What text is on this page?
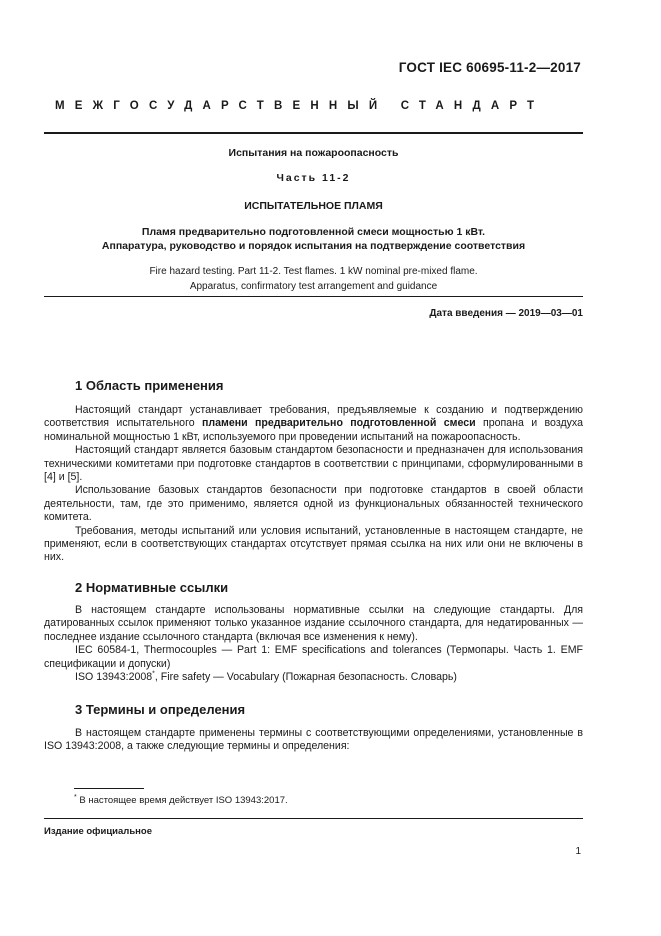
ГОСТ IEC 60695-11-2—2017
МЕЖГОСУДАРСТВЕННЫЙ СТАНДАРТ
Испытания на пожароопасность
Часть 11-2
ИСПЫТАТЕЛЬНОЕ ПЛАМЯ
Пламя предварительно подготовленной смеси мощностью 1 кВт.
Аппаратура, руководство и порядок испытания на подтверждение соответствия
Fire hazard testing. Part 11-2. Test flames. 1 kW nominal pre-mixed flame.
Apparatus, confirmatory test arrangement and guidance
Дата введения — 2019—03—01
1 Область применения

Настоящий стандарт устанавливает требования, предъявляемые к созданию и подтверждению соответствия испытательного пламени предварительно подготовленной смеси пропана и воздуха номинальной мощностью 1 кВт, используемого при проведении испытаний на пожароопасность.

Настоящий стандарт является базовым стандартом безопасности и предназначен для использования техническими комитетами при подготовке стандартов в соответствии с принципами, сформулированными в [4] и [5].

Использование базовых стандартов безопасности при подготовке стандартов в своей области деятельности, там, где это применимо, является одной из функциональных обязанностей технического комитета.

Требования, методы испытаний или условия испытаний, установленные в настоящем стандарте, не применяют, если в соответствующих стандартах отсутствует прямая ссылка на них или они не включены в них.

2 Нормативные ссылки

В настоящем стандарте использованы нормативные ссылки на следующие стандарты. Для датированных ссылок применяют только указанное издание ссылочного стандарта, для недатированных — последнее издание ссылочного стандарта (включая все изменения к нему).

IEC 60584-1, Thermocouples — Part 1: EMF specifications and tolerances (Термопары. Часть 1. EMF спецификации и допуски)

ISO 13943:2008*, Fire safety — Vocabulary (Пожарная безопасность. Словарь)

3 Термины и определения

В настоящем стандарте применены термины с соответствующими определениями, установленные в ISO 13943:2008, а также следующие термины и определения:

* В настоящее время действует ISO 13943:2017.
Издание официальное
1
